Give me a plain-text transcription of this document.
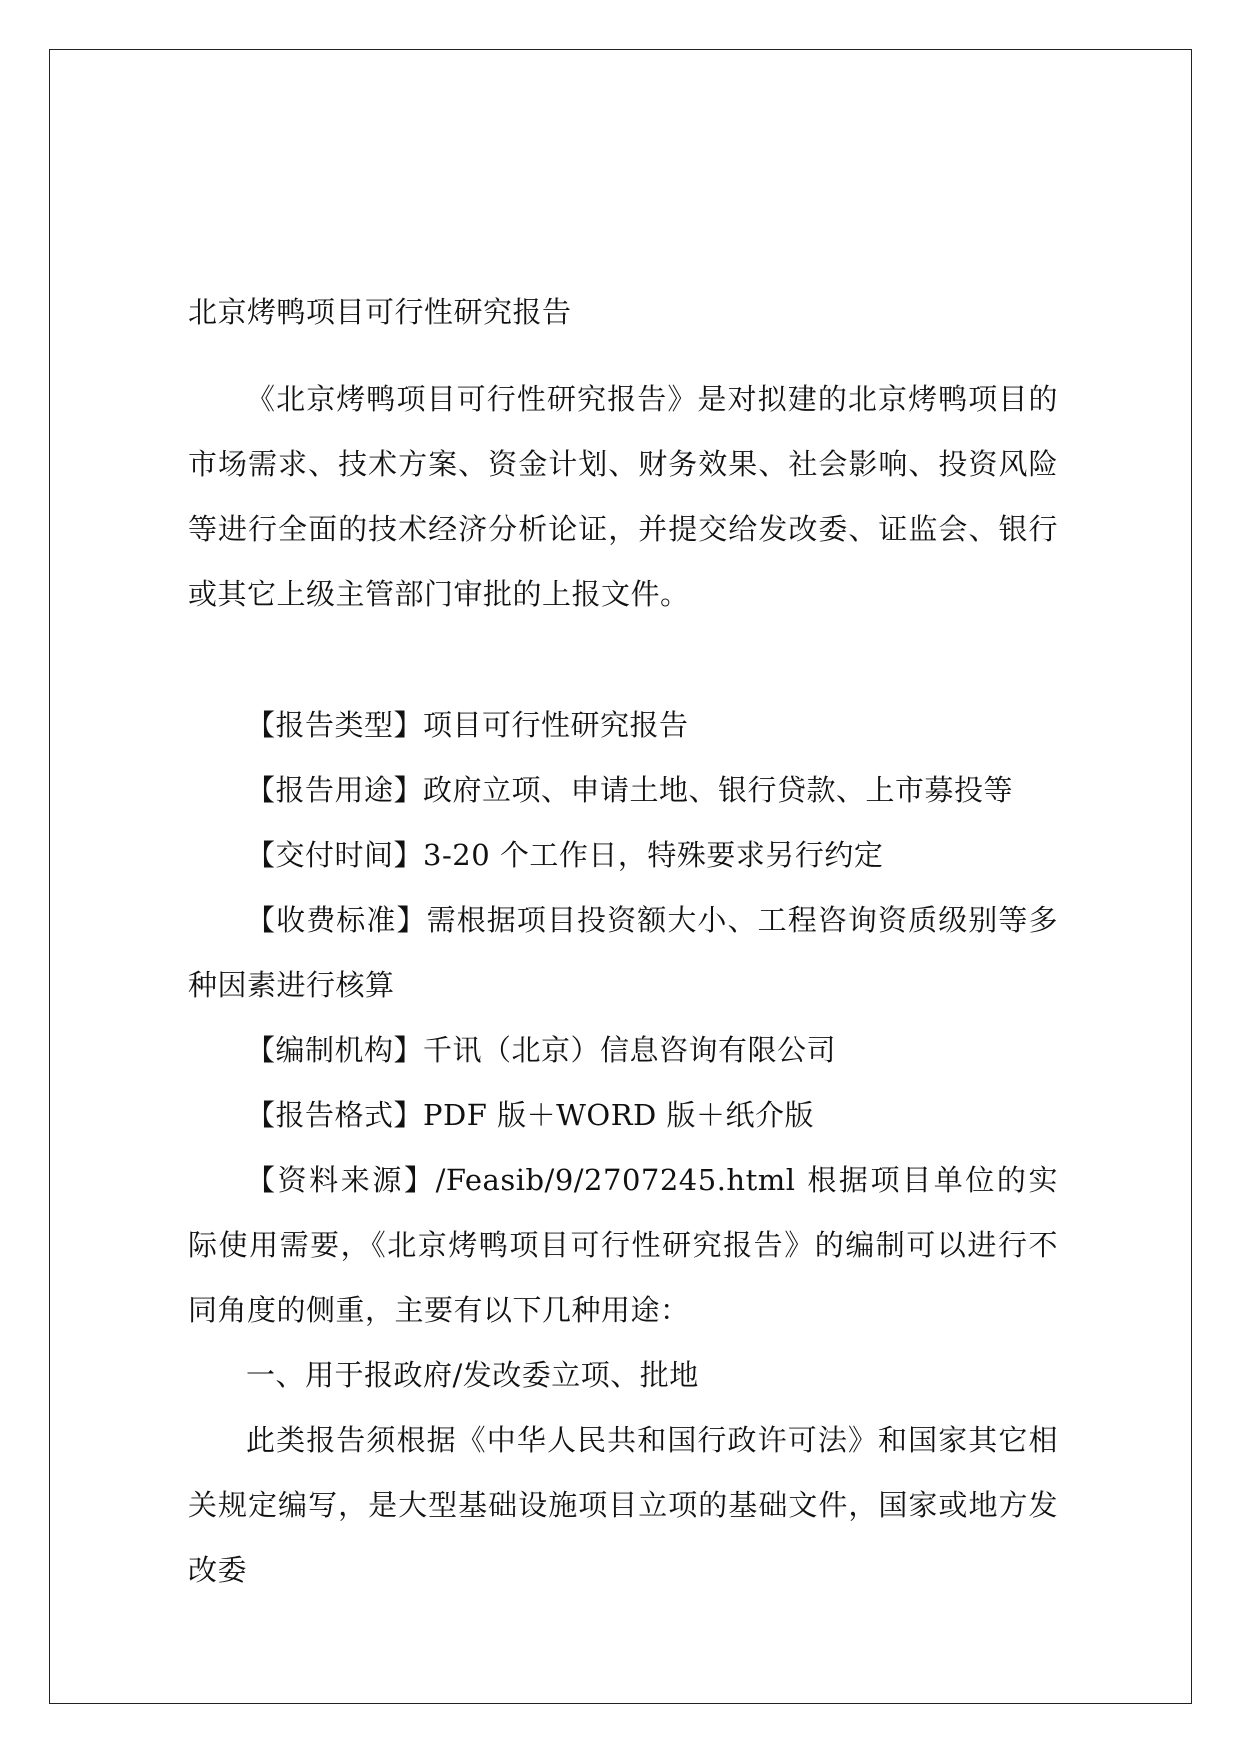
北京烤鸭项目可行性研究报告

《北京烤鸭项目可行性研究报告》是对拟建的北京烤鸭项目的市场需求、技术方案、资金计划、财务效果、社会影响、投资风险等进行全面的技术经济分析论证，并提交给发改委、证监会、银行或其它上级主管部门审批的上报文件。

【报告类型】项目可行性研究报告

【报告用途】政府立项、申请土地、银行贷款、上市募投等

【交付时间】3-20 个工作日，特殊要求另行约定

【收费标准】需根据项目投资额大小、工程咨询资质级别等多种因素进行核算

【编制机构】千讯（北京）信息咨询有限公司

【报告格式】PDF 版＋WORD 版＋纸介版

【资料来源】/Feasib/9/2707245.html 根据项目单位的实际使用需要，《北京烤鸭项目可行性研究报告》的编制可以进行不同角度的侧重，主要有以下几种用途：

一、用于报政府/发改委立项、批地

此类报告须根据《中华人民共和国行政许可法》和国家其它相关规定编写，是大型基础设施项目立项的基础文件，国家或地方发改委
